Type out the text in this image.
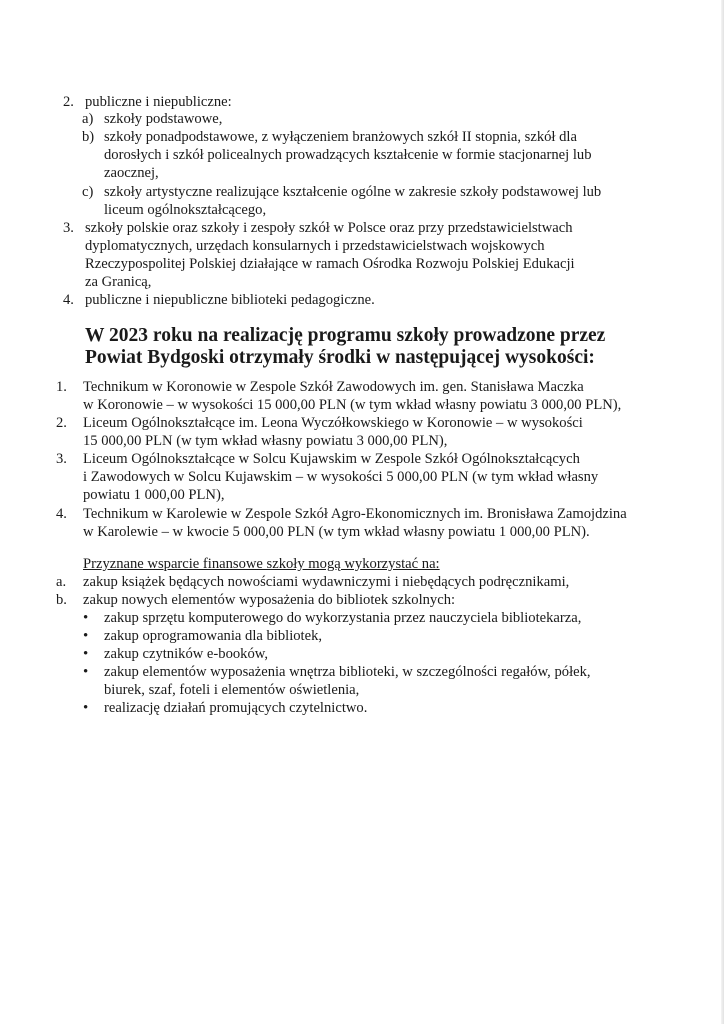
2. publiczne i niepubliczne:
a) szkoły podstawowe,
b) szkoły ponadpodstawowe, z wyłączeniem branżowych szkół II stopnia, szkół dla
dorosłych i szkół policealnych prowadzących kształcenie w formie stacjonarnej lub
zaocznej,
c) szkoły artystyczne realizujące kształcenie ogólne w zakresie szkoły podstawowej lub
liceum ogólnokształcącego,
3. szkoły polskie oraz szkoły i zespoły szkół w Polsce oraz przy przedstawicielstwach
dyplomatycznych, urzędach konsularnych i przedstawicielstwach wojskowych
Rzeczypospolitej Polskiej działające w ramach Ośrodka Rozwoju Polskiej Edukacji
za Granicą,
4. publiczne i niepubliczne biblioteki pedagogiczne.
W 2023 roku na realizację programu szkoły prowadzone przez
Powiat Bydgoski otrzymały środki w następującej wysokości:
1. Technikum w Koronowie w Zespole Szkół Zawodowych im. gen. Stanisława Maczka
w Koronowie – w wysokości 15 000,00 PLN (w tym wkład własny powiatu 3 000,00 PLN),
2. Liceum Ogólnokształcące im. Leona Wyczółkowskiego w Koronowie – w wysokości
15 000,00 PLN (w tym wkład własny powiatu 3 000,00 PLN),
3. Liceum Ogólnokształcące w Solcu Kujawskim w Zespole Szkół Ogólnokształcących
i Zawodowych w Solcu Kujawskim – w wysokości 5 000,00 PLN (w tym wkład własny
powiatu 1 000,00 PLN),
4. Technikum w Karolewie w Zespole Szkół Agro-Ekonomicznych im. Bronisława Zamojdzina
w Karolewie – w kwocie 5 000,00 PLN (w tym wkład własny powiatu 1 000,00 PLN).
Przyznane wsparcie finansowe szkoły mogą wykorzystać na:
a. zakup książek będących nowościami wydawniczymi i niebędących podręcznikami,
b. zakup nowych elementów wyposażenia do bibliotek szkolnych:
• zakup sprzętu komputerowego do wykorzystania przez nauczyciela bibliotekarza,
• zakup oprogramowania dla bibliotek,
• zakup czytników e-booków,
• zakup elementów wyposażenia wnętrza biblioteki, w szczególności regałów, półek,
biurek, szaf, foteli i elementów oświetlenia,
• realizację działań promujących czytelnictwo.
